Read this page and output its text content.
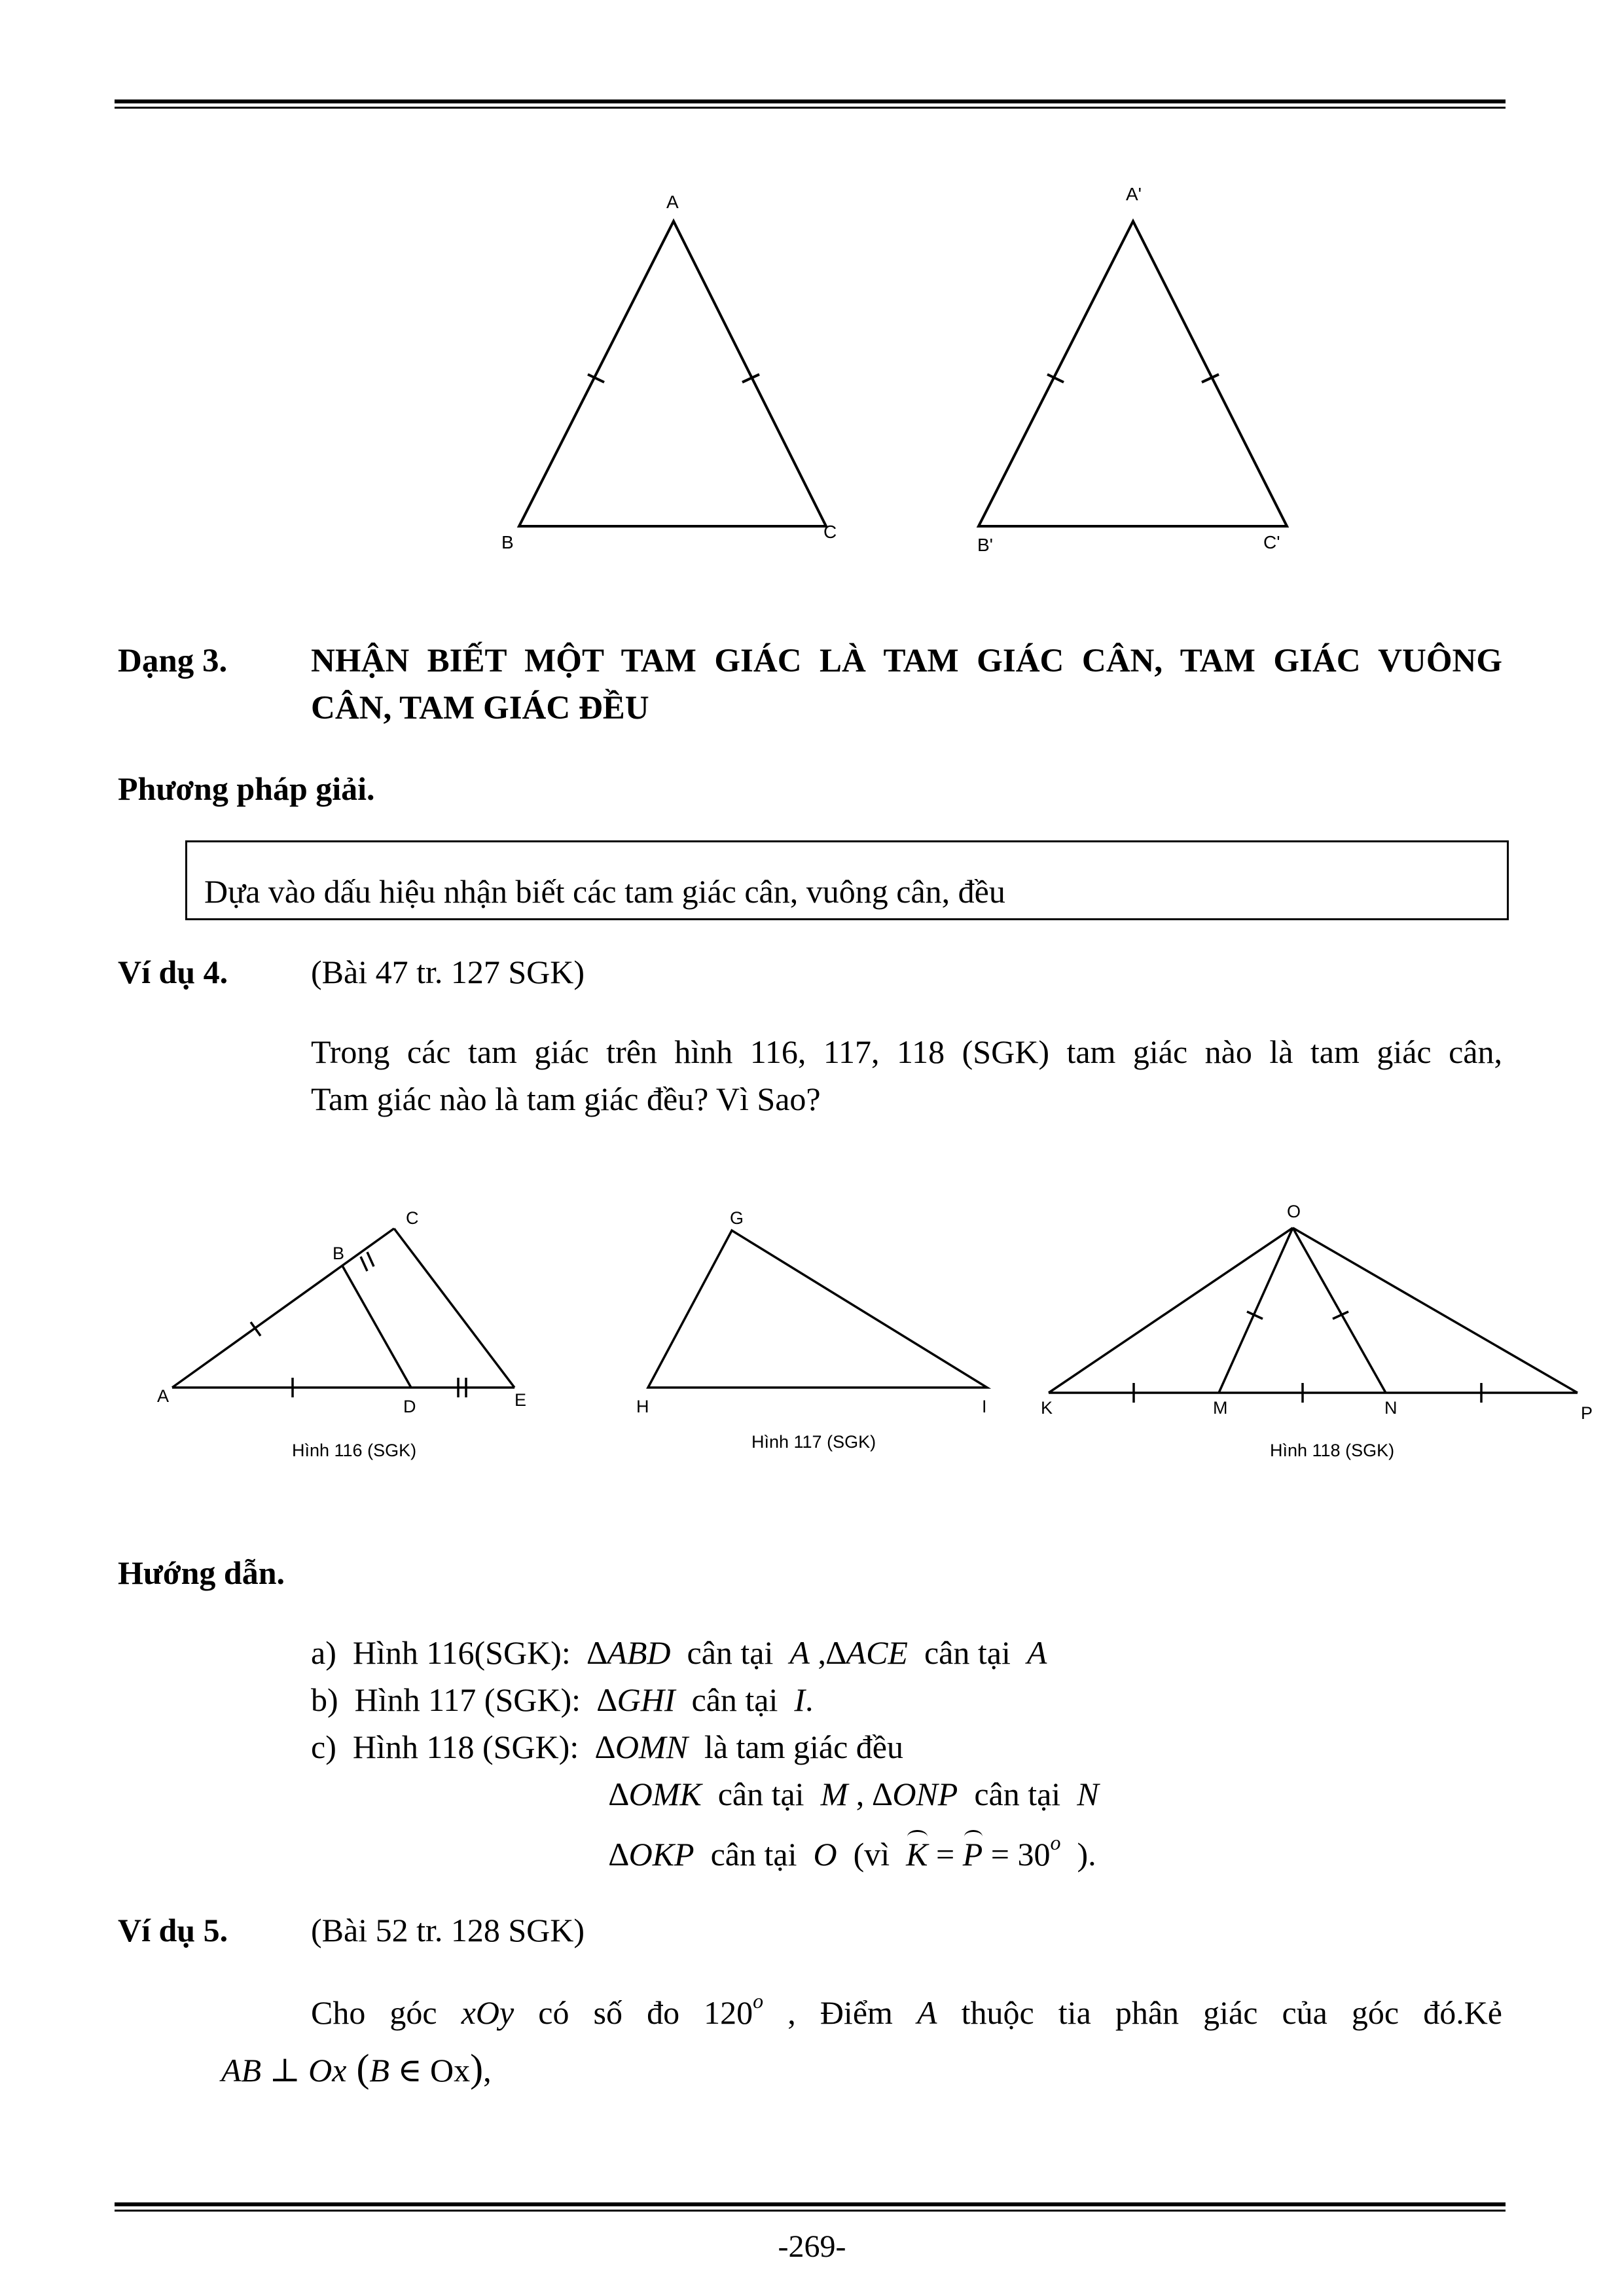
A
B
C
A'
B'	C'
Dạng 3.	NHẬN BIẾT MỘT TAM GIÁC LÀ TAM GIÁC CÂN, TAM GIÁC VUÔNG
CÂN, TAM GIÁC ĐỀU
Phương pháp giải.
Dựa vào dấu hiệu nhận biết các tam giác cân, vuông cân, đều
Ví dụ 4.	(Bài 47 tr. 127 SGK)
Trong các tam giác trên hình 116, 117, 118 (SGK) tam giác nào là tam giác cân,
Tam giác nào là tam giác đều? Vì Sao?
A
B
C
D	E
Hình 116 (SGK)
G
H	I
Hình 117 (SGK)
O
K	M	N	P
Hình 118 (SGK)
Hướng dẫn.
a) Hình 116(SGK): ∆ABD cân tại A ,∆ACE cân tại A
b) Hình 117 (SGK): ∆GHI cân tại I.
c) Hình 118 (SGK): ∆OMN là tam giác đều
∆OMK cân tại M , ∆ONP cân tại N
∆OKP cân tại O (vì $K = P = 30^o$ ).
Ví dụ 5.	(Bài 52 tr. 128 SGK)
Cho góc xOy có số đo 120$^o$ , Điểm A thuộc tia phân giác của góc đó.Kẻ
AB ⊥ Ox (B ∈ Ox),
-269-
